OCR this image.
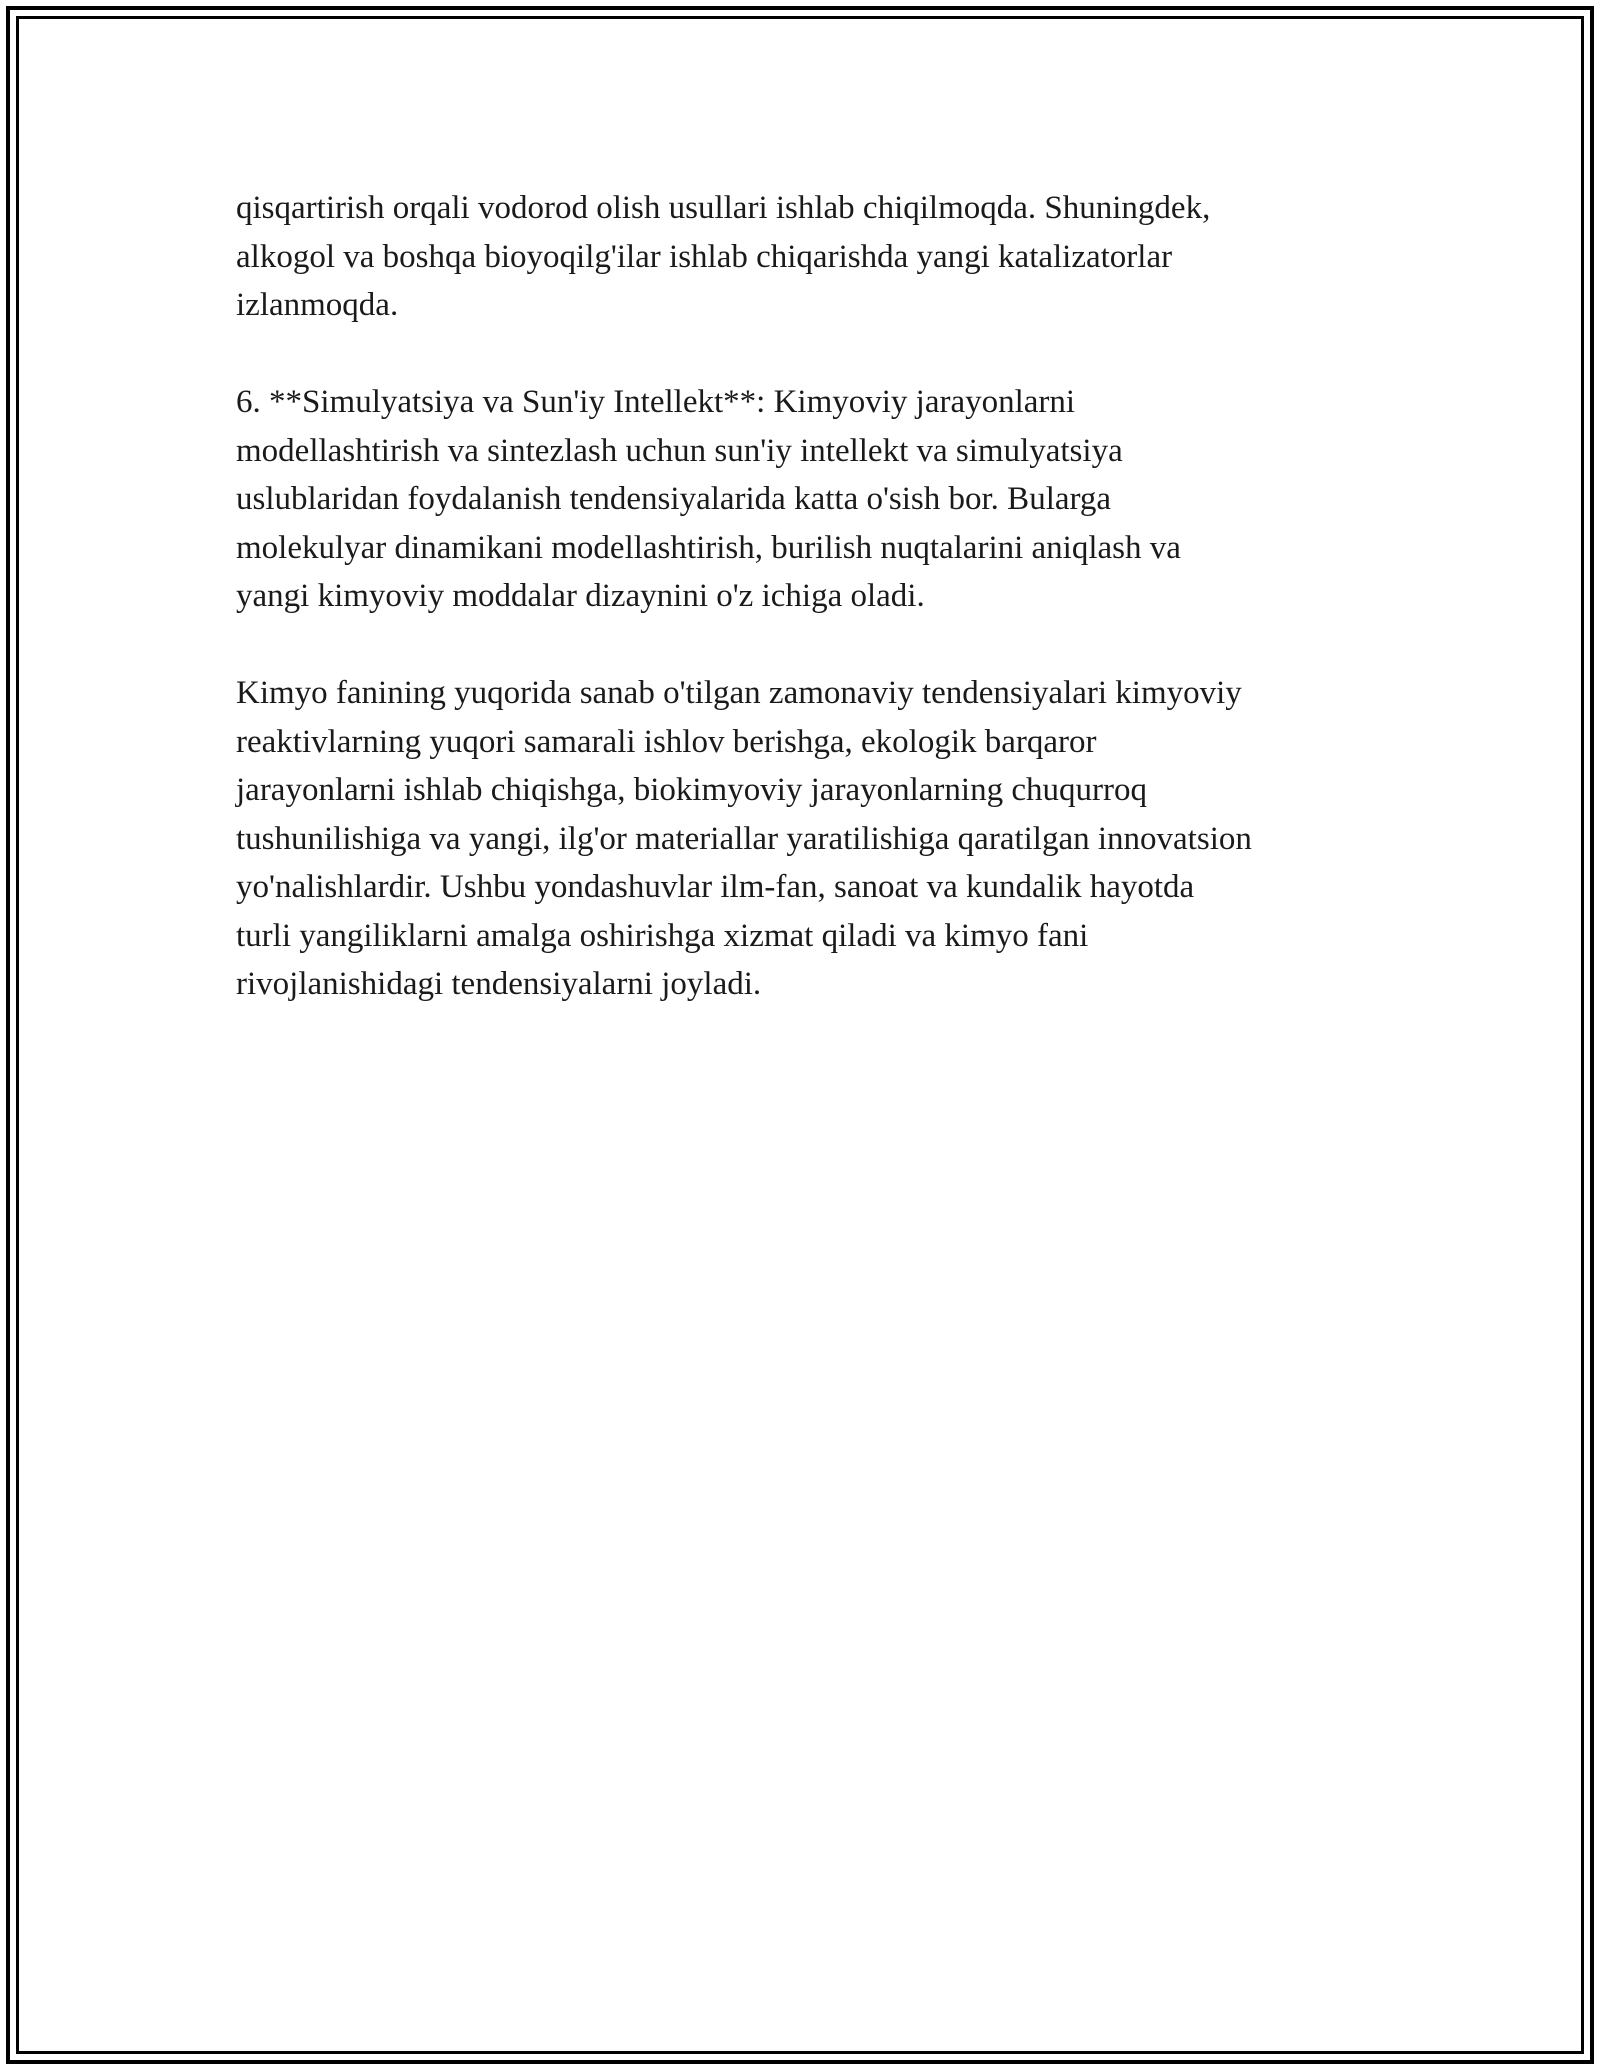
qisqartirish orqali vodorod olish usullari ishlab chiqilmoqda. Shuningdek,
alkogol va boshqa bioyoqilg'ilar ishlab chiqarishda yangi katalizatorlar
izlanmoqda.

6. **Simulyatsiya va Sun'iy Intellekt**: Kimyoviy jarayonlarni
modellashtirish va sintezlash uchun sun'iy intellekt va simulyatsiya
uslublaridan foydalanish tendensiyalarida katta o'sish bor. Bularga
molekulyar dinamikani modellashtirish, burilish nuqtalarini aniqlash va
yangi kimyoviy moddalar dizaynini o'z ichiga oladi.

Kimyo fanining yuqorida sanab o'tilgan zamonaviy tendensiyalari kimyoviy
reaktivlarning yuqori samarali ishlov berishga, ekologik barqaror
jarayonlarni ishlab chiqishga, biokimyoviy jarayonlarning chuqurroq
tushunilishiga va yangi, ilg'or materiallar yaratilishiga qaratilgan innovatsion
yo'nalishlardir. Ushbu yondashuvlar ilm-fan, sanoat va kundalik hayotda
turli yangiliklarni amalga oshirishga xizmat qiladi va kimyo fani
rivojlanishidagi tendensiyalarni joyladi.
